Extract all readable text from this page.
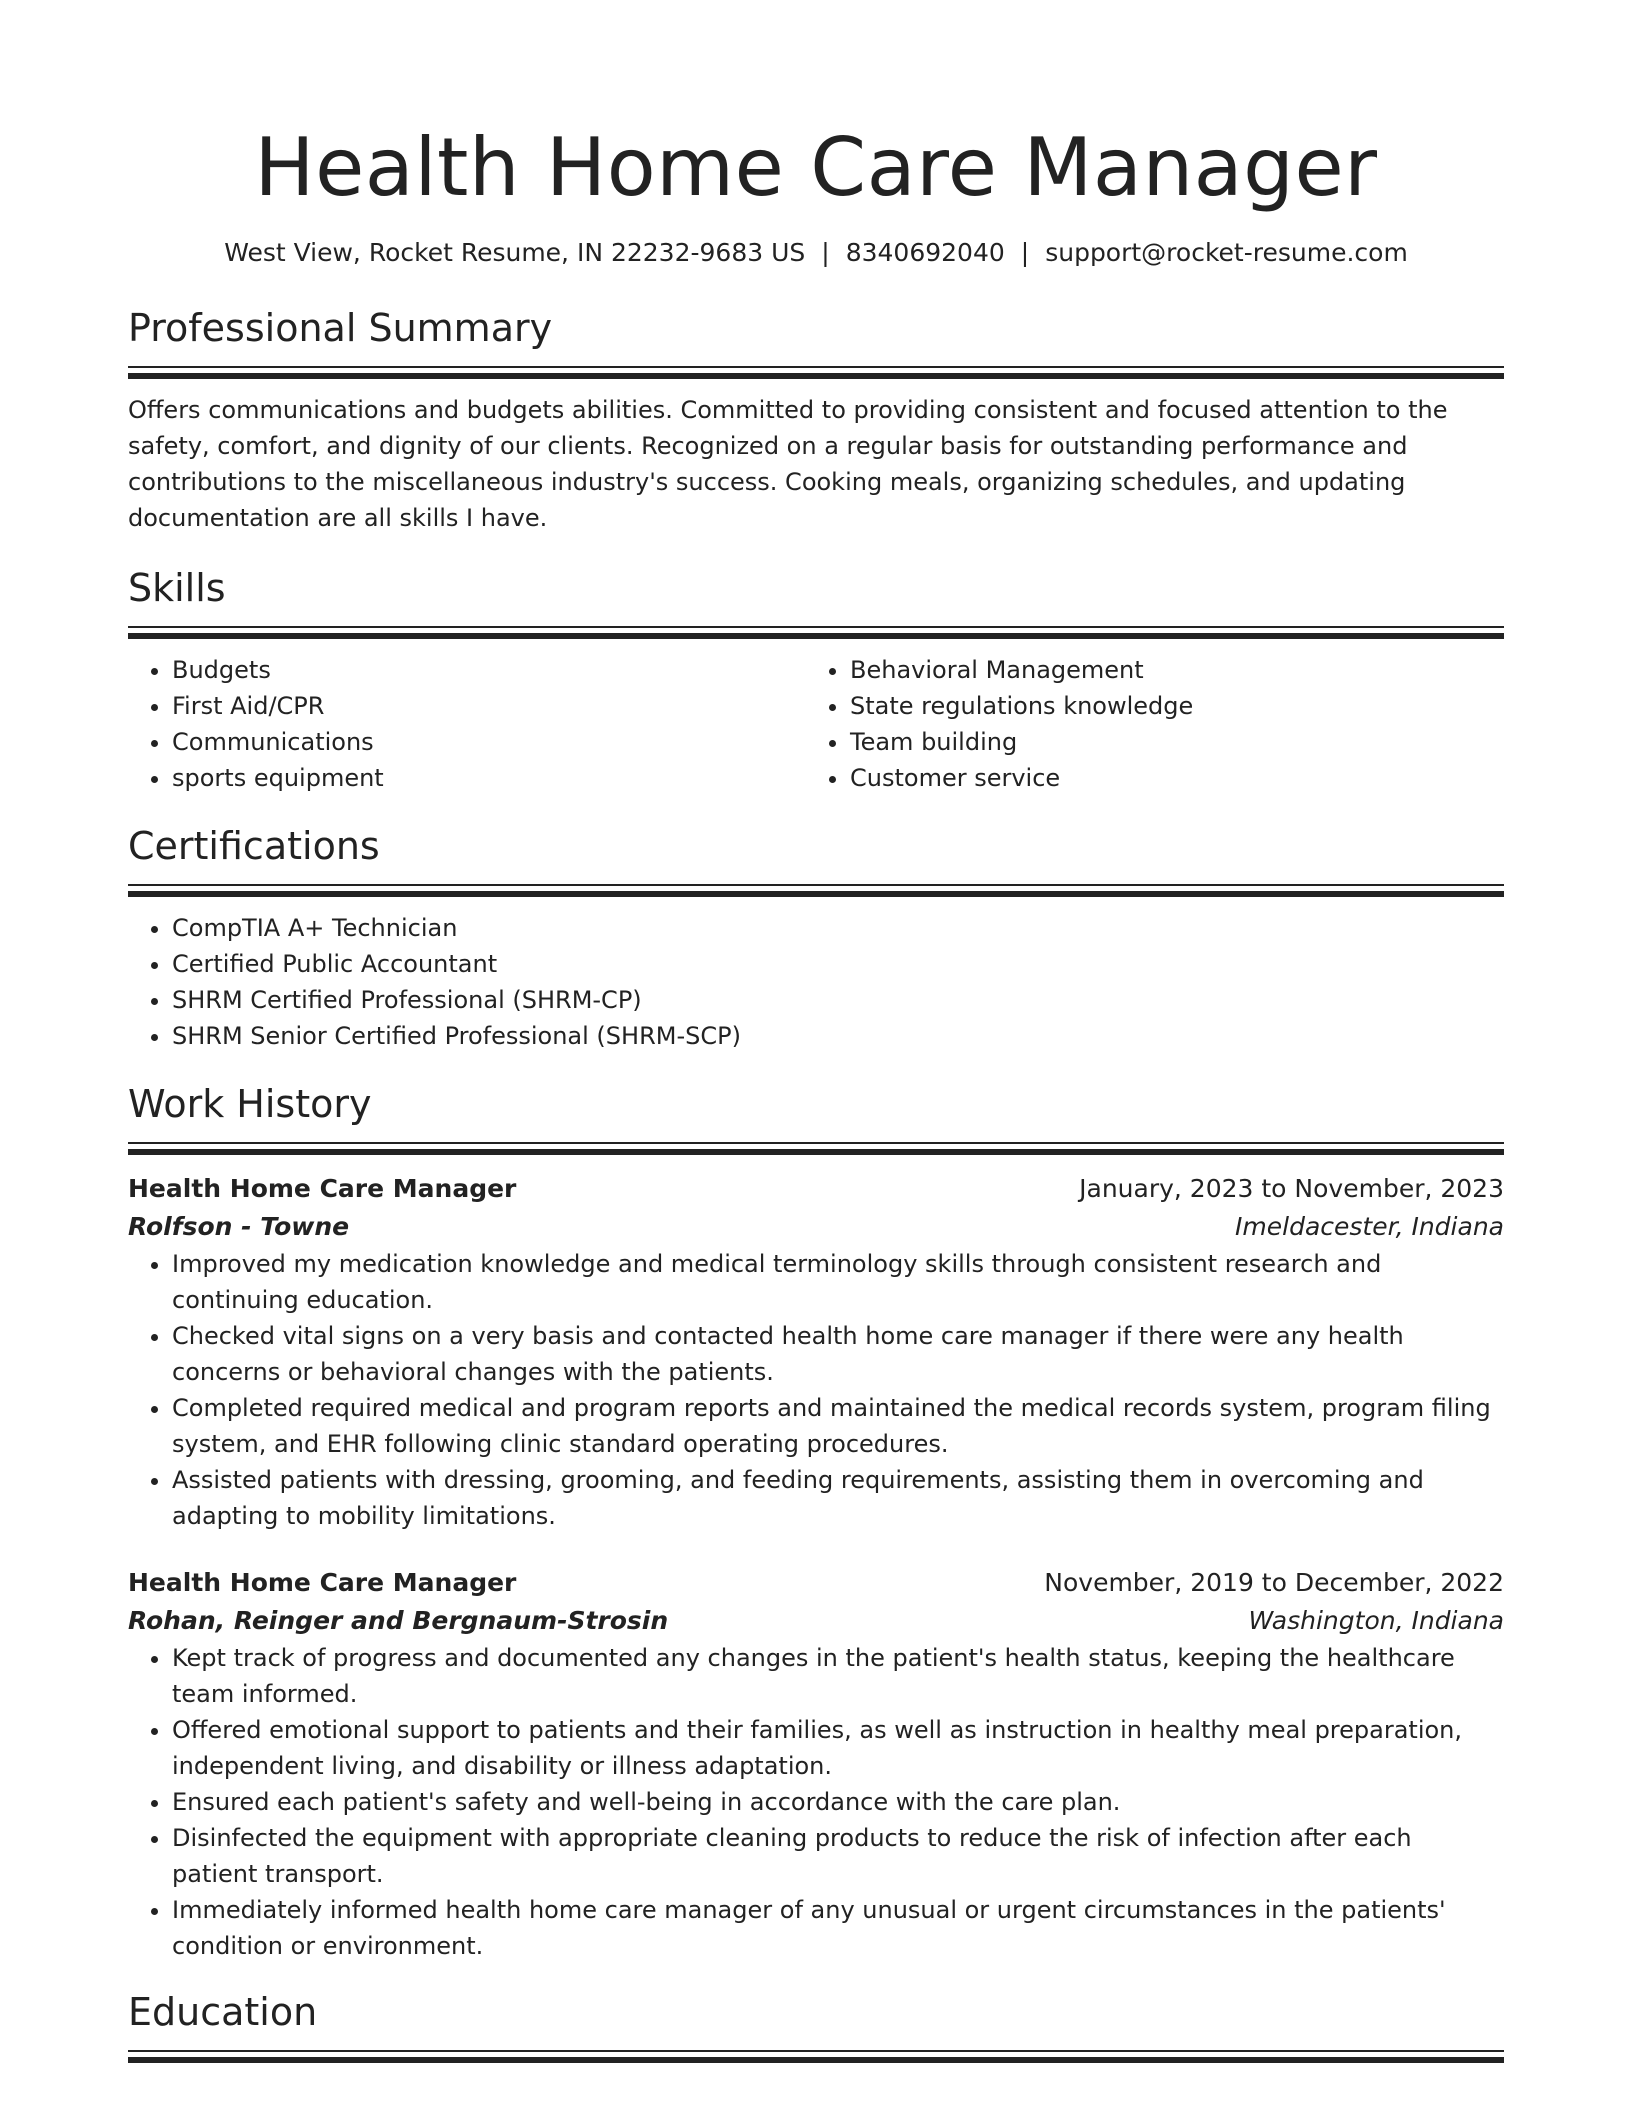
Health Home Care Manager
West View, Rocket Resume, IN 22232-9683 US | 8340692040 | support@rocket-resume.com
Professional Summary

Offers communications and budgets abilities. Committed to providing consistent and focused attention to the safety, comfort, and dignity of our clients. Recognized on a regular basis for outstanding performance and contributions to the miscellaneous industry's success. Cooking meals, organizing schedules, and updating documentation are all skills I have.

Skills
• Budgets
• First Aid/CPR
• Communications
• sports equipment
• Behavioral Management
• State regulations knowledge
• Team building
• Customer service
Certifications
• CompTIA A+ Technician
• Certified Public Accountant
• SHRM Certified Professional (SHRM-CP)
• SHRM Senior Certified Professional (SHRM-SCP)
Work History
Health Home Care Manager	January, 2023 to November, 2023
Rolfson - Towne	Imeldacester, Indiana
• Improved my medication knowledge and medical terminology skills through consistent research and continuing education.
• Checked vital signs on a very basis and contacted health home care manager if there were any health concerns or behavioral changes with the patients.
• Completed required medical and program reports and maintained the medical records system, program filing system, and EHR following clinic standard operating procedures.
• Assisted patients with dressing, grooming, and feeding requirements, assisting them in overcoming and adapting to mobility limitations.
Health Home Care Manager	November, 2019 to December, 2022
Rohan, Reinger and Bergnaum-Strosin	Washington, Indiana
• Kept track of progress and documented any changes in the patient's health status, keeping the healthcare team informed.
• Offered emotional support to patients and their families, as well as instruction in healthy meal preparation, independent living, and disability or illness adaptation.
• Ensured each patient's safety and well-being in accordance with the care plan.
• Disinfected the equipment with appropriate cleaning products to reduce the risk of infection after each patient transport.
• Immediately informed health home care manager of any unusual or urgent circumstances in the patients' condition or environment.
Education
